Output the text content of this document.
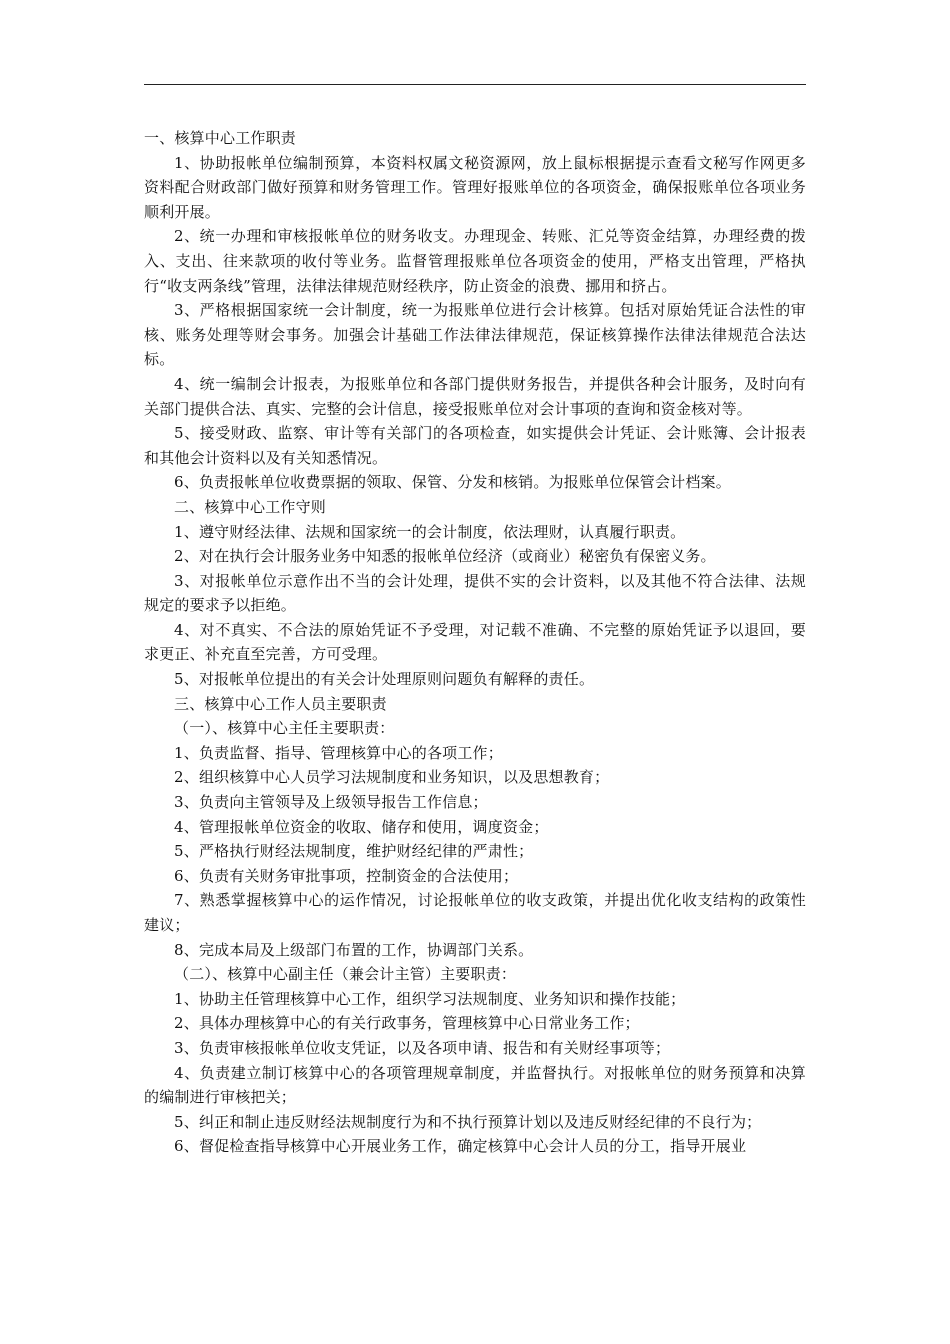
一、核算中心工作职责

1、协助报帐单位编制预算，本资料权属文秘资源网，放上鼠标根据提示查看文秘写作网更多资料配合财政部门做好预算和财务管理工作。管理好报账单位的各项资金，确保报账单位各项业务顺利开展。

2、统一办理和审核报帐单位的财务收支。办理现金、转账、汇兑等资金结算，办理经费的拨入、支出、往来款项的收付等业务。监督管理报账单位各项资金的使用，严格支出管理，严格执行“收支两条线”管理，法律法律规范财经秩序，防止资金的浪费、挪用和挤占。

3、严格根据国家统一会计制度，统一为报账单位进行会计核算。包括对原始凭证合法性的审核、账务处理等财会事务。加强会计基础工作法律法律规范，保证核算操作法律法律规范合法达标。

4、统一编制会计报表，为报账单位和各部门提供财务报告，并提供各种会计服务，及时向有关部门提供合法、真实、完整的会计信息，接受报账单位对会计事项的查询和资金核对等。

5、接受财政、监察、审计等有关部门的各项检查，如实提供会计凭证、会计账簿、会计报表和其他会计资料以及有关知悉情况。

6、负责报帐单位收费票据的领取、保管、分发和核销。为报账单位保管会计档案。

二、核算中心工作守则

1、遵守财经法律、法规和国家统一的会计制度，依法理财，认真履行职责。

2、对在执行会计服务业务中知悉的报帐单位经济（或商业）秘密负有保密义务。

3、对报帐单位示意作出不当的会计处理，提供不实的会计资料，以及其他不符合法律、法规规定的要求予以拒绝。

4、对不真实、不合法的原始凭证不予受理，对记载不准确、不完整的原始凭证予以退回，要求更正、补充直至完善，方可受理。

5、对报帐单位提出的有关会计处理原则问题负有解释的责任。

三、核算中心工作人员主要职责

（一）、核算中心主任主要职责：

1、负责监督、指导、管理核算中心的各项工作；

2、组织核算中心人员学习法规制度和业务知识，以及思想教育；

3、负责向主管领导及上级领导报告工作信息；

4、管理报帐单位资金的收取、储存和使用，调度资金；

5、严格执行财经法规制度，维护财经纪律的严肃性；

6、负责有关财务审批事项，控制资金的合法使用；

7、熟悉掌握核算中心的运作情况，讨论报帐单位的收支政策，并提出优化收支结构的政策性建议；

8、完成本局及上级部门布置的工作，协调部门关系。

（二）、核算中心副主任（兼会计主管）主要职责：

1、协助主任管理核算中心工作，组织学习法规制度、业务知识和操作技能；

2、具体办理核算中心的有关行政事务，管理核算中心日常业务工作；

3、负责审核报帐单位收支凭证，以及各项申请、报告和有关财经事项等；

4、负责建立制订核算中心的各项管理规章制度，并监督执行。对报帐单位的财务预算和决算的编制进行审核把关；

5、纠正和制止违反财经法规制度行为和不执行预算计划以及违反财经纪律的不良行为；

6、督促检查指导核算中心开展业务工作，确定核算中心会计人员的分工，指导开展业
